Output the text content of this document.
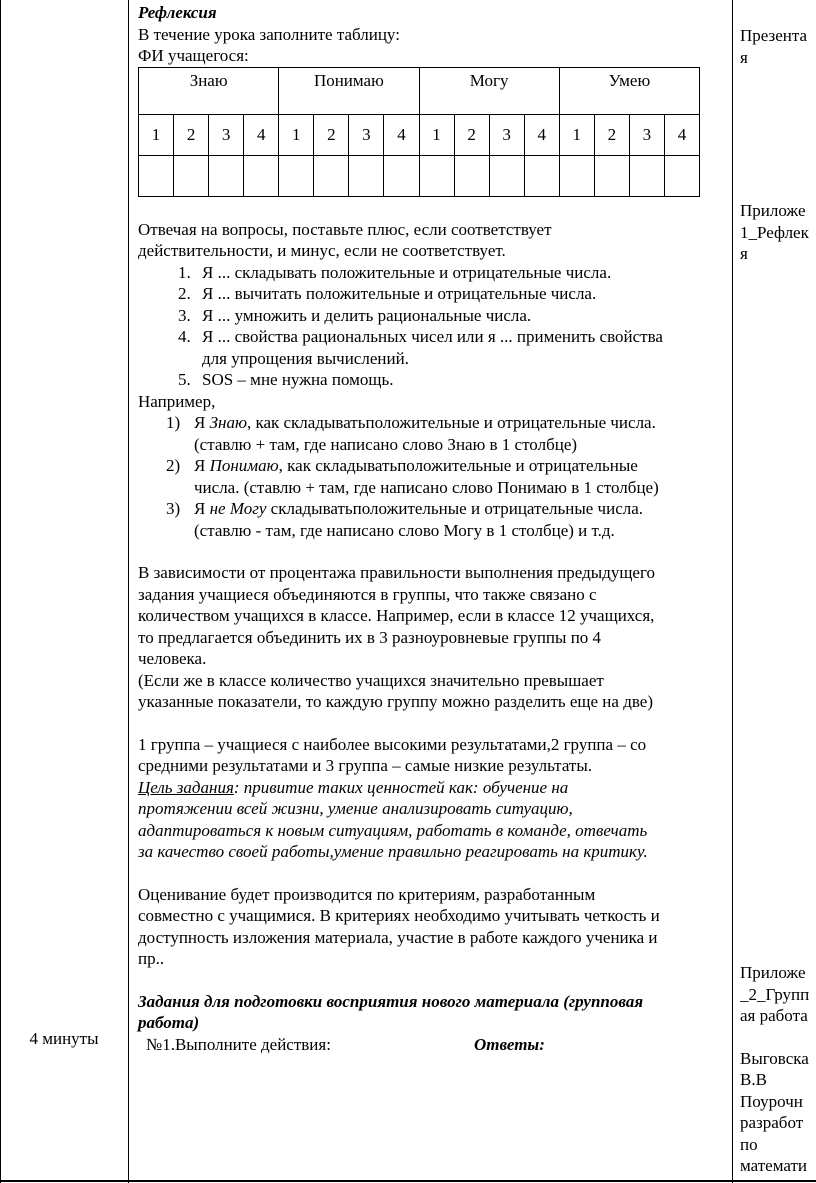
4 минуты

Рефлексия

В течение урока заполните таблицу:

ФИ учащегося:

Знаю				Понимаю				Могу				Умею			
1	2	3	4	1	2	3	4	1	2	3	4	1	2	3	4

Отвечая на вопросы, поставьте плюс, если соответствует

действительности, и минус, если не соответствует.

1. Я ... складывать положительные и отрицательные числа.
2. Я ... вычитать положительные и отрицательные числа.
3. Я ... умножить и делить рациональные числа.
4. Я ... свойства рациональных чисел или я ... применить свойства
для упрощения вычислений.
5. SOS – мне нужна помощь.

Например,

1) Я Знаю, как складыватьположительные и отрицательные числа.
(ставлю + там, где написано слово Знаю в 1 столбце)
2) Я Понимаю, как складыватьположительные и отрицательные
числа. (ставлю + там, где написано слово Понимаю в 1 столбце)
3) Я не Могу складыватьположительные и отрицательные числа.
(ставлю - там, где написано слово Могу в 1 столбце) и т.д.

В зависимости от процентажа правильности выполнения предыдущего

задания учащиеся объединяются в группы, что также связано с

количеством учащихся в классе. Например, если в классе 12 учащихся,

то предлагается объединить их в 3 разноуровневые группы по 4

человека.

(Если же в классе количество учащихся значительно превышает

указанные показатели, то каждую группу можно разделить еще на две)

1 группа – учащиеся с наиболее высокими результатами,2 группа – со

средними результатами и 3 группа – самые низкие результаты.

Цель задания: привитие таких ценностей как: обучение на

протяжении всей жизни, умение анализировать ситуацию,

адаптироваться к новым ситуациям, работать в команде, отвечать

за качество своей работы,умение правильно реагировать на критику.

Оценивание будет производится по критериям, разработанным

совместно с учащимися. В критериях необходимо учитывать четкость и

доступность изложения материала, участие в работе каждого ученика и

пр..

Задания для подготовки восприятия нового материала (групповая

работа)

№1.Выполните действия:	Ответы:
Презента
я
Приложе
1_Рефлек
я
Приложе
_2_Групп
ая работа
Выговска
В.В
Поурочн
разработ
по
математи
